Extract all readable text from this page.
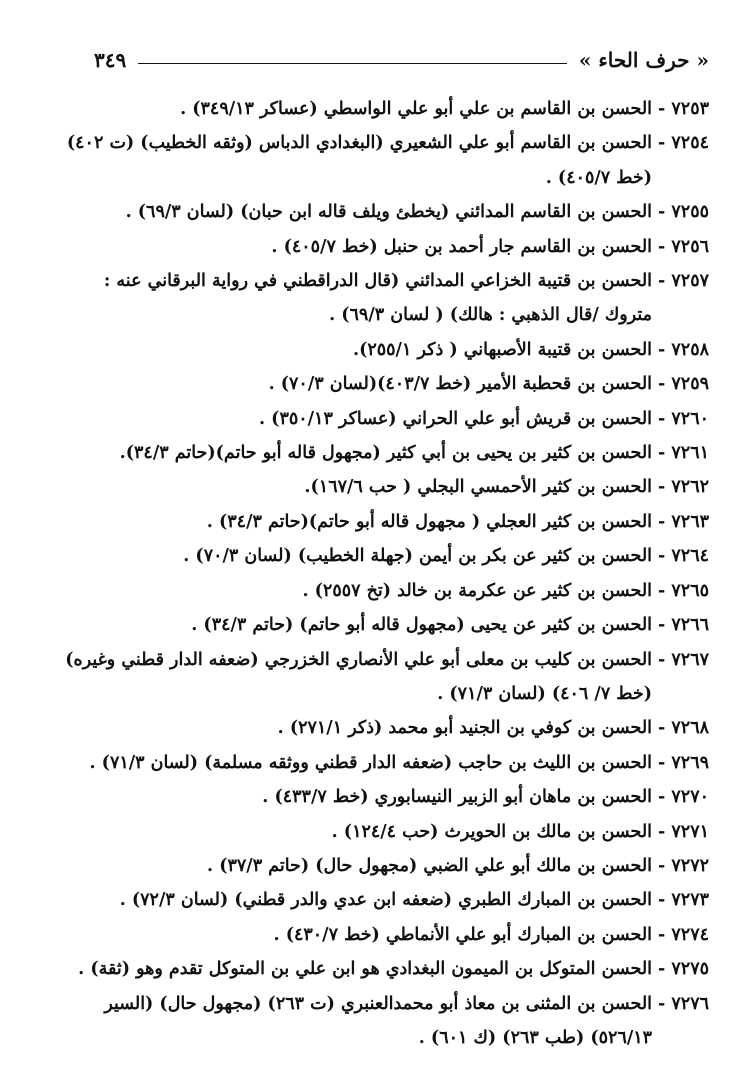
« حرف الحاء »
٣٤٩
٧٢٥٣ -
الحسن بن القاسم بن علي أبو علي الواسطي (عساكر ٣٤٩/١٣) .
٧٢٥٤ -
الحسن بن القاسم أبو علي الشعيري (البغدادي الدباس (وثقه الخطيب) (ت ٤٠٢) (خط ٤٠٥/٧) .
٧٢٥٥ -
الحسن بن القاسم المدائني (يخطئ ويلف قاله ابن حبان) (لسان ٦٩/٣) .
٧٢٥٦ -
الحسن بن القاسم جار أحمد بن حنبل (خط ٤٠٥/٧) .
٧٢٥٧ -
الحسن بن قتيبة الخزاعي المدائني (قال الدراقطني في رواية البرقاني عنه : متروك /قال الذهبي : هالك) ( لسان ٦٩/٣) .
٧٢٥٨ -
الحسن بن قتيبة الأصبهاني ( ذكر ٢٥٥/١).
٧٢٥٩ -
الحسن بن قحطبة الأمير (خط ٤٠٣/٧)(لسان ٧٠/٣) .
٧٢٦٠ -
الحسن بن قريش أبو علي الحراني (عساكر ٣٥٠/١٣) .
٧٢٦١ -
الحسن بن كثير بن يحيى بن أبي كثير (مجهول قاله أبو حاتم)(حاتم ٣٤/٣).
٧٢٦٢ -
الحسن بن كثير الأحمسي البجلي ( حب ١٦٧/٦).
٧٢٦٣ -
الحسن بن كثير العجلي ( مجهول قاله أبو حاتم)(حاتم ٣٤/٣) .
٧٢٦٤ -
الحسن بن كثير عن بكر بن أيمن (جهلة الخطيب) (لسان ٧٠/٣) .
٧٢٦٥ -
الحسن بن كثير عن عكرمة بن خالد (تخ ٢٥٥٧) .
٧٢٦٦ -
الحسن بن كثير عن يحيى (مجهول قاله أبو حاتم) (حاتم ٣٤/٣) .
٧٢٦٧ -
الحسن بن كليب بن معلى أبو علي الأنصاري الخزرجي (ضعفه الدار قطني وغيره) (خط ٧/ ٤٠٦) (لسان ٧١/٣) .
٧٢٦٨ -
الحسن بن كوفي بن الجنيد أبو محمد (ذكر ٢٧١/١) .
٧٢٦٩ -
الحسن بن الليث بن حاجب (ضعفه الدار قطني ووثقه مسلمة) (لسان ٧١/٣) .
٧٢٧٠ -
الحسن بن ماهان أبو الزبير النيسابوري (خط ٤٣٣/٧) .
٧٢٧١ -
الحسن بن مالك بن الحويرث (حب ١٢٤/٤) .
٧٢٧٢ -
الحسن بن مالك أبو علي الضبي (مجهول حال) (حاتم ٣٧/٣) .
٧٢٧٣ -
الحسن بن المبارك الطبري (ضعفه ابن عدي والدر قطني) (لسان ٧٢/٣) .
٧٢٧٤ -
الحسن بن المبارك أبو علي الأنماطي (خط ٤٣٠/٧) .
٧٢٧٥ -
الحسن المتوكل بن الميمون البغدادي هو ابن علي بن المتوكل تقدم وهو (ثقة) .
٧٢٧٦ -
الحسن بن المثنى بن معاذ أبو محمدالعنبري (ت ٢٦٣) (مجهول حال) (السير ٥٢٦/١٣) (طب ٢٦٣) (ك ٦٠١) .
